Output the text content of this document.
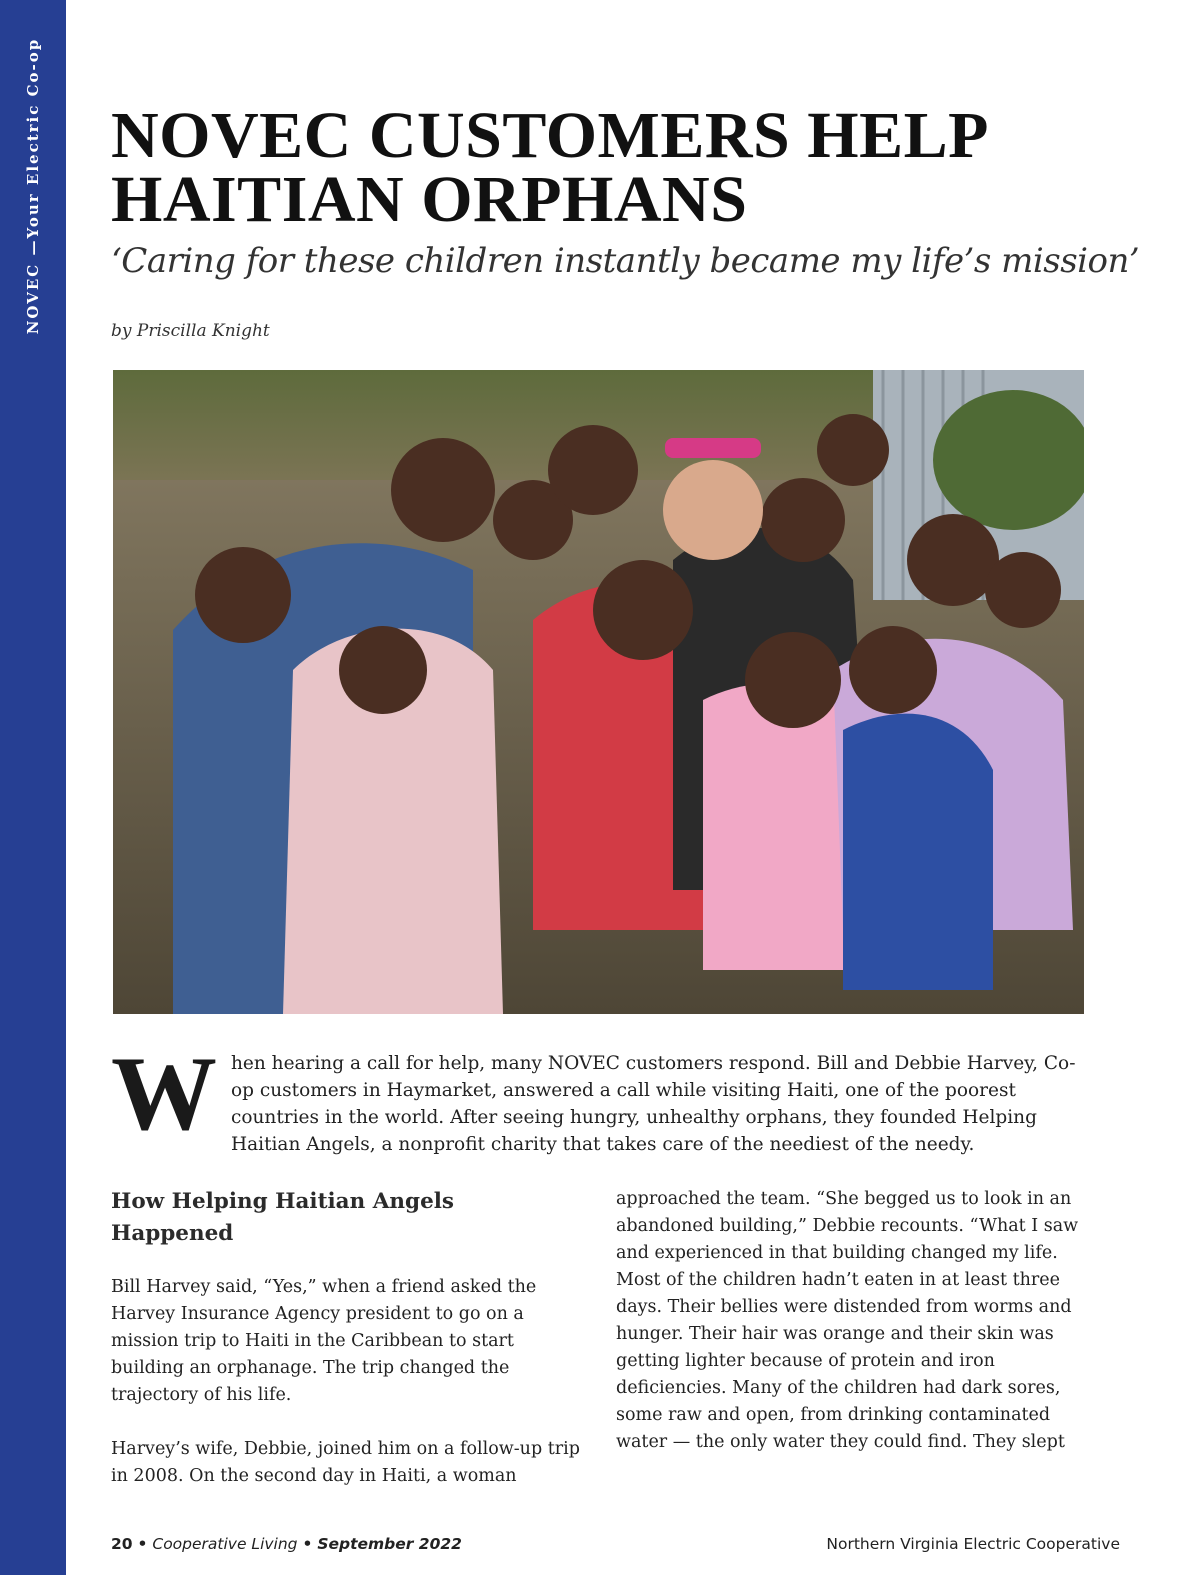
NOVEC —Your Electric Co-op NOVEC CUSTOMERS HELP
HAITIAN ORPHANS
‘Caring for these children instantly became my life’s mission’
by Priscilla Knight

When hearing a call for help, many NOVEC customers respond. Bill and Debbie Harvey, Co-op customers in Haymarket, answered a call while visiting Haiti, one of the poorest countries in the world. After seeing hungry, unhealthy orphans, they founded Helping Haitian Angels, a nonprofit charity that takes care of the neediest of the needy.

How Helping Haitian Angels Happened

Bill Harvey said, “Yes,” when a friend asked the Harvey Insurance Agency president to go on a mission trip to Haiti in the Caribbean to start building an orphanage. The trip changed the trajectory of his life.

Harvey’s wife, Debbie, joined him on a follow-up trip in 2008. On the second day in Haiti, a woman

approached the team. “She begged us to look in an abandoned building,” Debbie recounts. “What I saw and experienced in that building changed my life. Most of the children hadn’t eaten in at least three days. Their bellies were distended from worms and hunger. Their hair was orange and their skin was getting lighter because of protein and iron deficiencies. Many of the children had dark sores, some raw and open, from drinking contaminated water — the only water they could find. They slept

20 • Cooperative Living • September 2022	Northern Virginia Electric Cooperative
